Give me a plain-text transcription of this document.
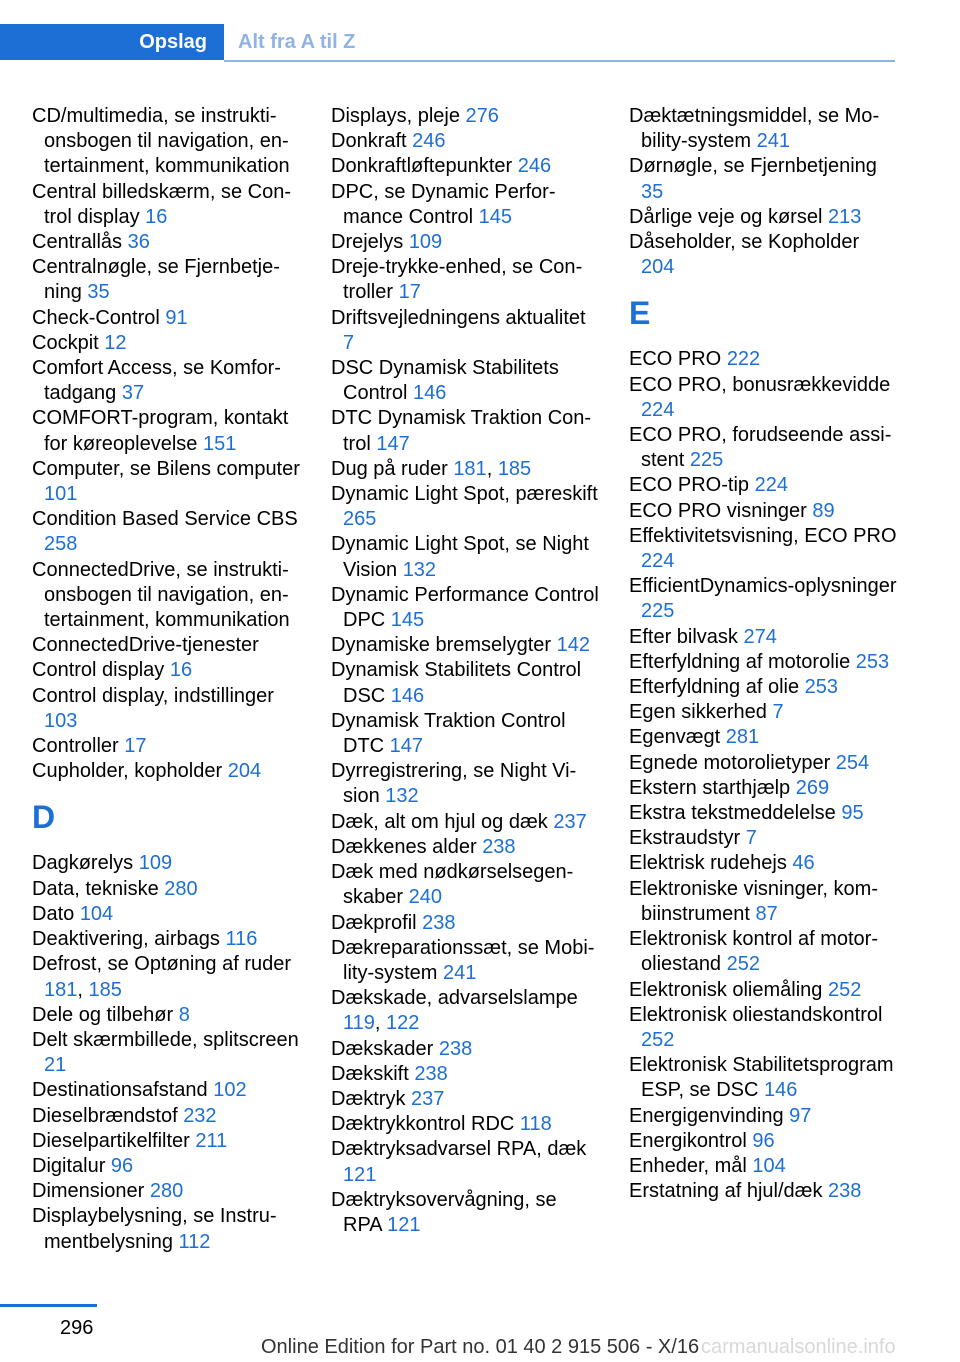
Opslag Alt fra A til Z
CD/multimedia, se instruktionsbogen til navigation, entertainment, kommunikation
Central billedskærm, se Control display 16
Centrallås 36
Centralnøgle, se Fjernbetjening 35
Check-Control 91
Cockpit 12
Comfort Access, se Komfortadgang 37
COMFORT-program, kontakt for køreoplevelse 151
Computer, se Bilens computer 101
Condition Based Service CBS 258
ConnectedDrive, se instruktionsbogen til navigation, entertainment, kommunikation
ConnectedDrive-tjenester
Control display 16
Control display, indstillinger 103
Controller 17
Cupholder, kopholder 204
D
Dagkørelys 109
Data, tekniske 280
Dato 104
Deaktivering, airbags 116
Defrost, se Optøning af ruder 181, 185
Dele og tilbehør 8
Delt skærmbillede, splitscreen 21
Destinationsafstand 102
Dieselbrændstof 232
Dieselpartikelfilter 211
Digitalur 96
Dimensioner 280
Displaybelysning, se Instrumentbelysning 112
Displays, pleje 276
Donkraft 246
Donkraftløftepunkter 246
DPC, se Dynamic Performance Control 145
Drejelys 109
Dreje-trykke-enhed, se Controller 17
Driftsvejledningens aktualitet 7
DSC Dynamisk Stabilitets Control 146
DTC Dynamisk Traktion Control 147
Dug på ruder 181, 185
Dynamic Light Spot, pæreskift 265
Dynamic Light Spot, se Night Vision 132
Dynamic Performance Control DPC 145
Dynamiske bremselygter 142
Dynamisk Stabilitets Control DSC 146
Dynamisk Traktion Control DTC 147
Dyrregistrering, se Night Vision 132
Dæk, alt om hjul og dæk 237
Dækkenes alder 238
Dæk med nødkørselsegenskaber 240
Dækprofil 238
Dækreparationssæt, se Mobility-system 241
Dækskade, advarselslampe 119, 122
Dækskader 238
Dækskift 238
Dæktryk 237
Dæktrykkontrol RDC 118
Dæktryksadvarsel RPA, dæk 121
Dæktryksovervågning, se RPA 121
Dæktætningsmiddel, se Mobility-system 241
Dørnøgle, se Fjernbetjening 35
Dårlige veje og kørsel 213
Dåseholder, se Kopholder 204
E
ECO PRO 222
ECO PRO, bonusrækkevidde 224
ECO PRO, forudseende assistent 225
ECO PRO-tip 224
ECO PRO visninger 89
Effektivitetsvisning, ECO PRO 224
EfficientDynamics-oplysninger 225
Efter bilvask 274
Efterfyldning af motorolie 253
Efterfyldning af olie 253
Egen sikkerhed 7
Egenvægt 281
Egnede motorolietyper 254
Ekstern starthjælp 269
Ekstra tekstmeddelelse 95
Ekstraudstyr 7
Elektrisk rudehejs 46
Elektroniske visninger, kombiinstrument 87
Elektronisk kontrol af motoroliestand 252
Elektronisk oliemåling 252
Elektronisk oliestandskontrol 252
Elektronisk Stabilitetsprogram ESP, se DSC 146
Energigenvinding 97
Energikontrol 96
Enheder, mål 104
Erstatning af hjul/dæk 238
296
Online Edition for Part no. 01 40 2 915 506 - X/16 carmanualsonline.info
